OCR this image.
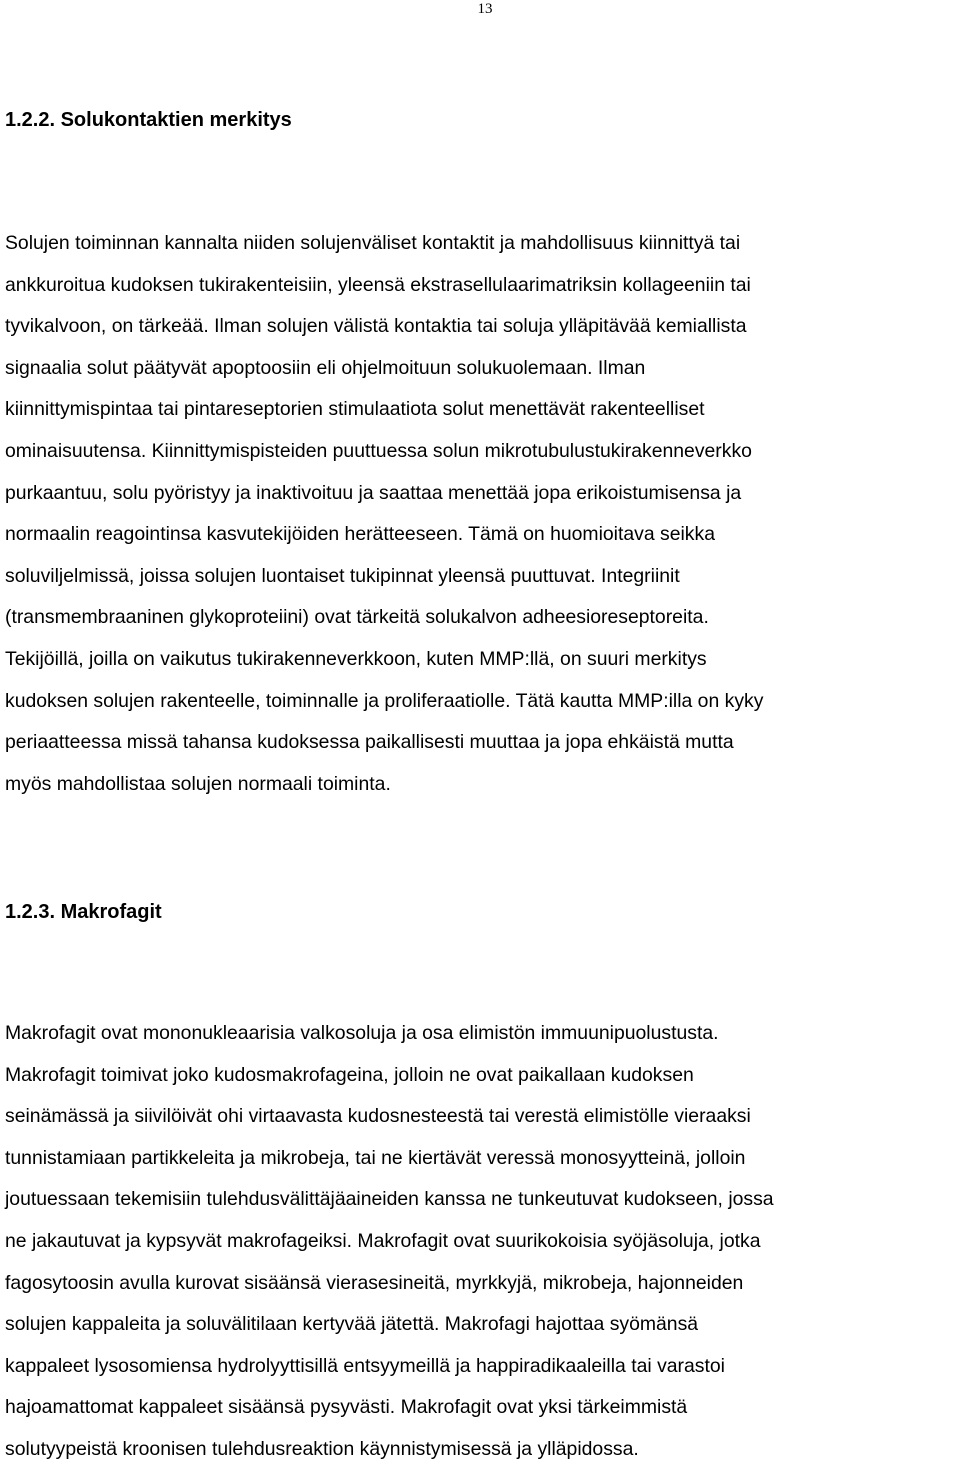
13
1.2.2. Solukontaktien merkitys
Solujen toiminnan kannalta niiden solujenväliset kontaktit ja mahdollisuus kiinnittyä tai
ankkuroitua kudoksen tukirakenteisiin, yleensä ekstrasellulaarimatriksin kollageeniin tai
tyvikalvoon, on tärkeää. Ilman solujen välistä kontaktia tai soluja ylläpitävää kemiallista
signaalia solut päätyvät apoptoosiin eli ohjelmoituun solukuolemaan. Ilman
kiinnittymispintaa tai pintareseptorien stimulaatiota solut menettävät rakenteelliset
ominaisuutensa. Kiinnittymispisteiden puuttuessa solun mikrotubulustukirakenneverkko
purkaantuu, solu pyöristyy ja inaktivoituu ja saattaa menettää jopa erikoistumisensa ja
normaalin reagointinsa kasvutekijöiden herätteeseen. Tämä on huomioitava seikka
soluviljelmissä, joissa solujen luontaiset tukipinnat yleensä puuttuvat. Integriinit
(transmembraaninen glykoproteiini) ovat tärkeitä solukalvon adheesioreseptoreita.
Tekijöillä, joilla on vaikutus tukirakenneverkkoon, kuten MMP:llä, on suuri merkitys
kudoksen solujen rakenteelle, toiminnalle ja proliferaatiolle. Tätä kautta MMP:illa on kyky
periaatteessa missä tahansa kudoksessa paikallisesti muuttaa ja jopa ehkäistä mutta
myös mahdollistaa solujen normaali toiminta.
1.2.3. Makrofagit
Makrofagit ovat mononukleaarisia valkosoluja ja osa elimistön immuunipuolustusta.
Makrofagit toimivat joko kudosmakrofageina, jolloin ne ovat paikallaan kudoksen
seinämässä ja siivilöivät ohi virtaavasta kudosnesteestä tai verestä elimistölle vieraaksi
tunnistamiaan partikkeleita ja mikrobeja, tai ne kiertävät veressä monosyytteinä, jolloin
joutuessaan tekemisiin tulehdusvälittäjäaineiden kanssa ne tunkeutuvat kudokseen, jossa
ne jakautuvat ja kypsyvät makrofageiksi. Makrofagit ovat suurikokoisia syöjäsoluja, jotka
fagosytoosin avulla kurovat sisäänsä vierasesineitä, myrkkyjä, mikrobeja, hajonneiden
solujen kappaleita ja soluvälitilaan kertyvää jätettä. Makrofagi hajottaa syömänsä
kappaleet lysosomiensa hydrolyyttisillä entsyymeillä ja happiradikaaleilla tai varastoi
hajoamattomat kappaleet sisäänsä pysyvästi. Makrofagit ovat yksi tärkeimmistä
solutyypeistä kroonisen tulehdusreaktion käynnistymisessä ja ylläpidossa.
